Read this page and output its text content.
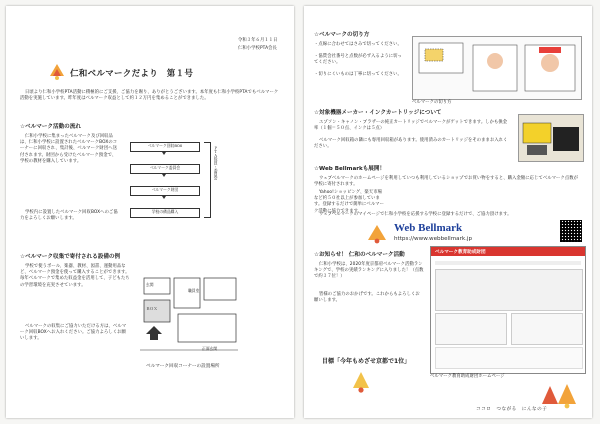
令和３年６月１１日
仁和小学校PTA会長
仁和ベルマークだより　第１号

日頃より仁和小学校PTA活動に積極的にご支援、ご協力を賜り、ありがとうございます。本年度も仁和小学校PTAでもベルマーク活動を実施しています。昨年度はベルマーク収益として約１２万円を集めることができました。

☆ベルマーク活動の流れ

仁和小学校に集まったベルマーク及び回収品は、仁和小学校に設置されたベルマークBOXのコーナーに回収され、集計後、ベルマーク財団へ送付されます。財団から受けたベルマーク預金で、学校の教材を購入しています。

学校内に設置したベルマーク回収BOXへのご協力をよろしくお願いします。

ベルマーク回収BOX
ベルマーク委員会
ベルマーク財団
学校の備品購入
ＰＴＡ役員・委員会
☆ベルマーク収集で寄付される設備の例

学校で使うボール、楽器、教材、図書、運動用品など、ベルマーク預金を使って購入することができます。毎年ベルマークで集めた収益金を活用して、子どもたちの学習環境を充実させています。

ベルマークの収集にご協力いただける方は、ベルマーク回収BOXへお入れください。ご協力よろしくお願いします。

玄関
ＢＯＸ
職員室
正面玄関
ベルマーク回収コーナーの設置場所
☆ベルマークの切り方
・点線に合わせてはさみで切ってください。
・協賛会社番号と点数が必ず入るように切ってください。
・切りにくいものは丁寧に切ってください。
ベルマークの切り方
☆対象機器メーカー・インクカートリッジについて

エプソン・キャノン・ブラザーの純正カートリッジでベルマークがゲットできます。しかも換金率（１個＝５０点、インクは５点）

ベルマーク回収箱の隣にも専用回収箱があります。使用済みのカートリッジをそのままお入れください。

☆Web Bellmarkも展開！

ウェブベルマークのホームページを利用していつも利用しているショップでお買い物をすると、購入金額に応じてベルマーク点数が学校に寄付されます。

Yahoo!ショッピング、楽天市場など約５０社以上が参加しています。登録するだけで簡単にベルマーク活動に協力できます。

ウェブベルマークのマイページで仁和小学校を応援する学校に登録するだけで、ご協力頂けます。

Web Bellmark
https://www.webbellmark.jp
☆お知らせ！ 仁和のベルマーク活動

仁和小学校は、2020年度京都府ベルマーク活動ランキングで、学校の実績ランキングに入りました！（点数で約３７位！）

皆様のご協力のおかげです。これからもよろしくお願いします。

ベルマーク教育助成財団
ベルマーク教育助成財団ホームページ
目標「今年もめざせ京都で1位」
ココロ　つながる　にんなの子
